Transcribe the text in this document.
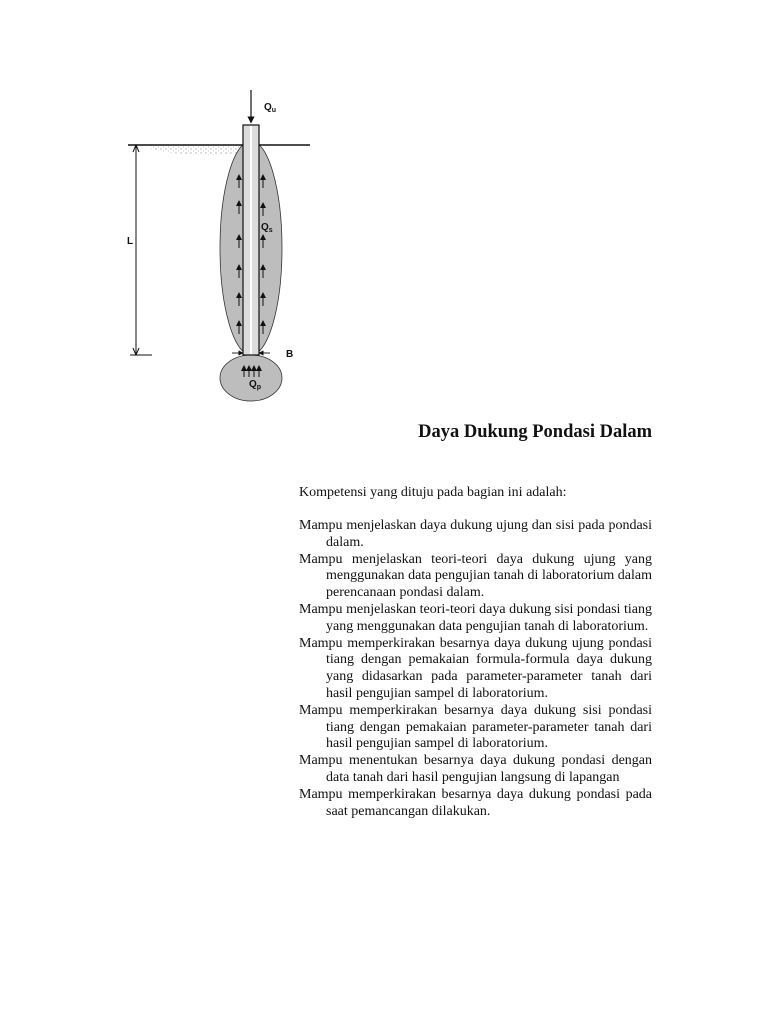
$Q_u$
$Q_s$
$Q_p$
L
B
Daya Dukung Pondasi Dalam

Kompetensi yang dituju pada bagian ini adalah:

Mampu menjelaskan daya dukung ujung dan sisi pada pondasi dalam.
Mampu menjelaskan teori-teori daya dukung ujung yang menggunakan data pengujian tanah di laboratorium dalam perencanaan pondasi dalam.
Mampu menjelaskan teori-teori daya dukung sisi pondasi tiang yang menggunakan data pengujian tanah di laboratorium.
Mampu memperkirakan besarnya daya dukung ujung pondasi tiang dengan pemakaian formula-formula daya dukung yang didasarkan pada parameter-parameter tanah dari hasil pengujian sampel di laboratorium.
Mampu memperkirakan besarnya daya dukung sisi pondasi tiang dengan pemakaian parameter-parameter tanah dari hasil pengujian sampel di laboratorium.
Mampu menentukan besarnya daya dukung pondasi dengan data tanah dari hasil pengujian langsung di lapangan
Mampu memperkirakan besarnya daya dukung pondasi pada saat pemancangan dilakukan.
